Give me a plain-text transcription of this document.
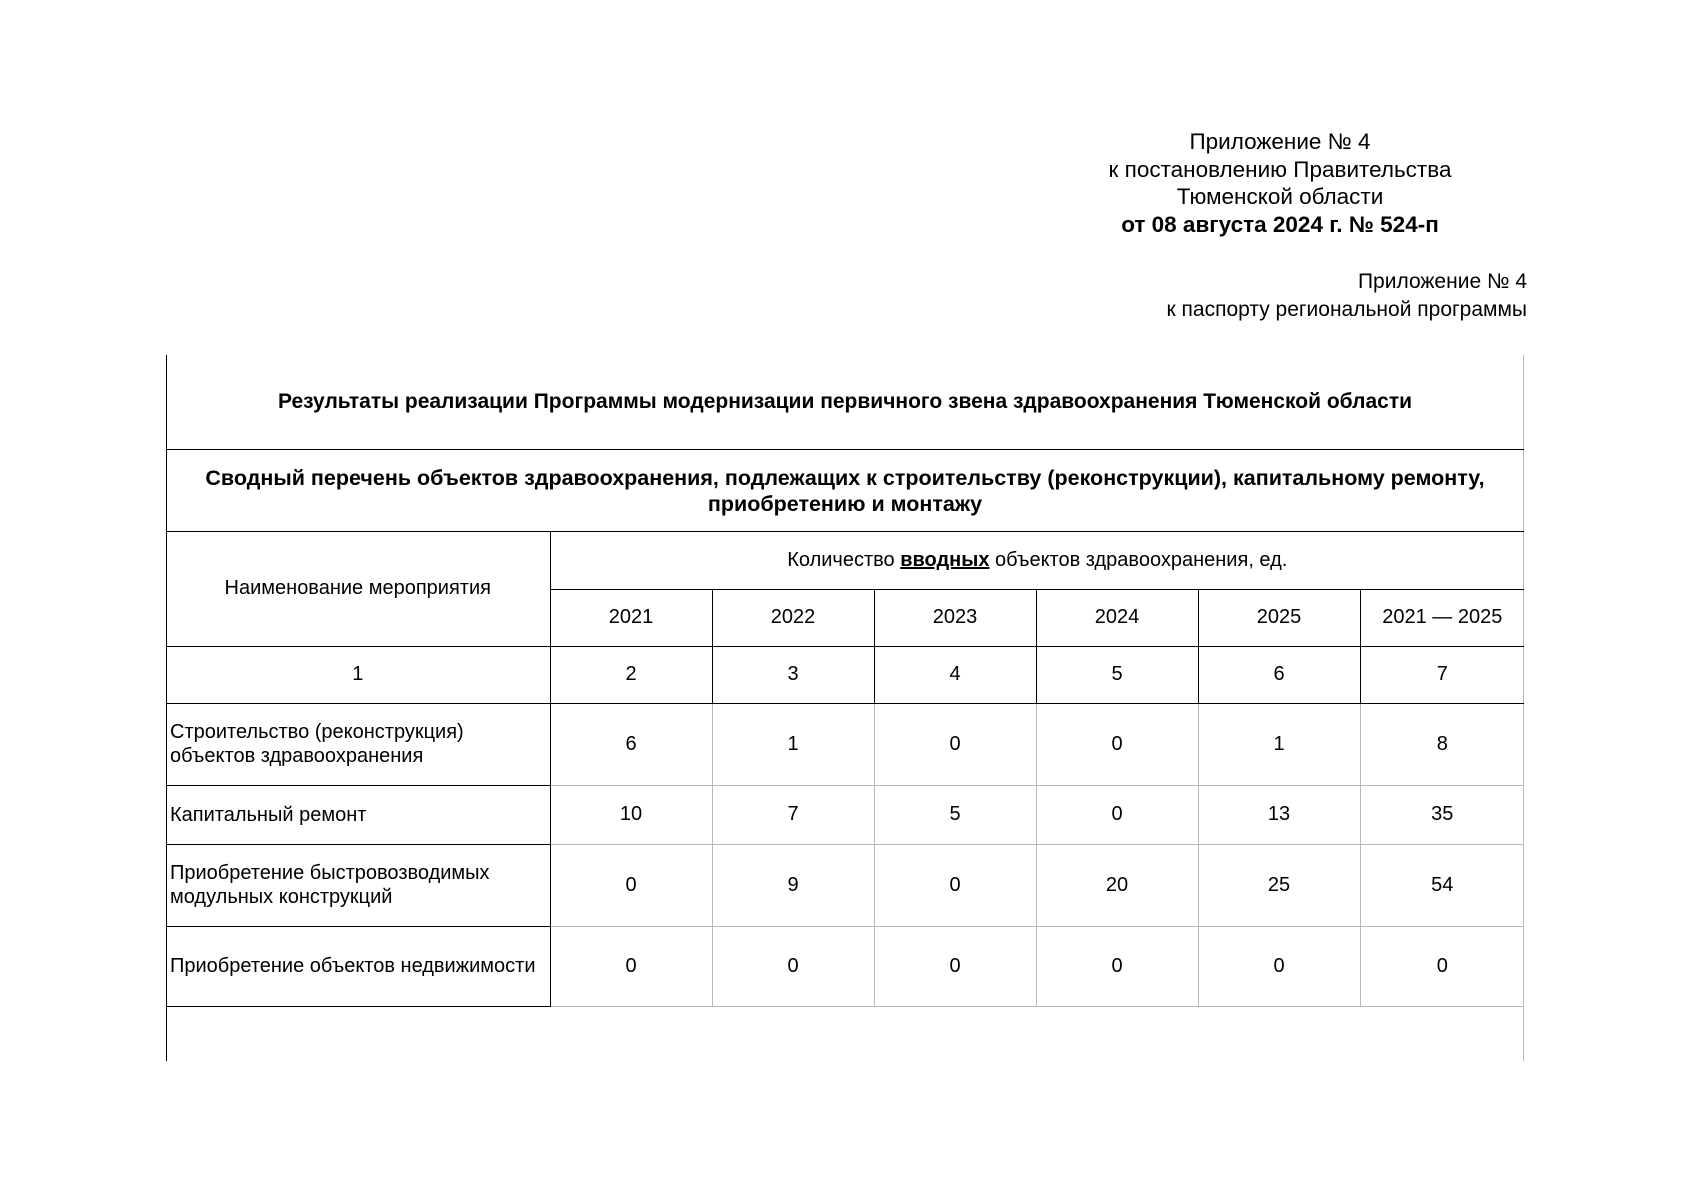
Приложение № 4
к постановлению Правительства
Тюменской области
от 08 августа 2024 г. № 524-п
Приложение № 4
к паспорту региональной программы
Результаты реализации Программы модернизации первичного звена здравоохранения Тюменской области
Сводный перечень объектов здравоохранения, подлежащих к строительству (реконструкции), капитальному ремонту, приобретению и монтажу
Наименование мероприятия	Количество вводных объектов здравоохранения, ед.					
	2021	2022	2023	2024	2025	2021 — 2025
1	2	3	4	5	6	7
Строительство (реконструкция) объектов здравоохранения	6	1	0	0	1	8
Капитальный ремонт	10	7	5	0	13	35
Приобретение быстровозводимых модульных конструкций	0	9	0	20	25	54
Приобретение объектов недвижимости	0	0	0	0	0	0
